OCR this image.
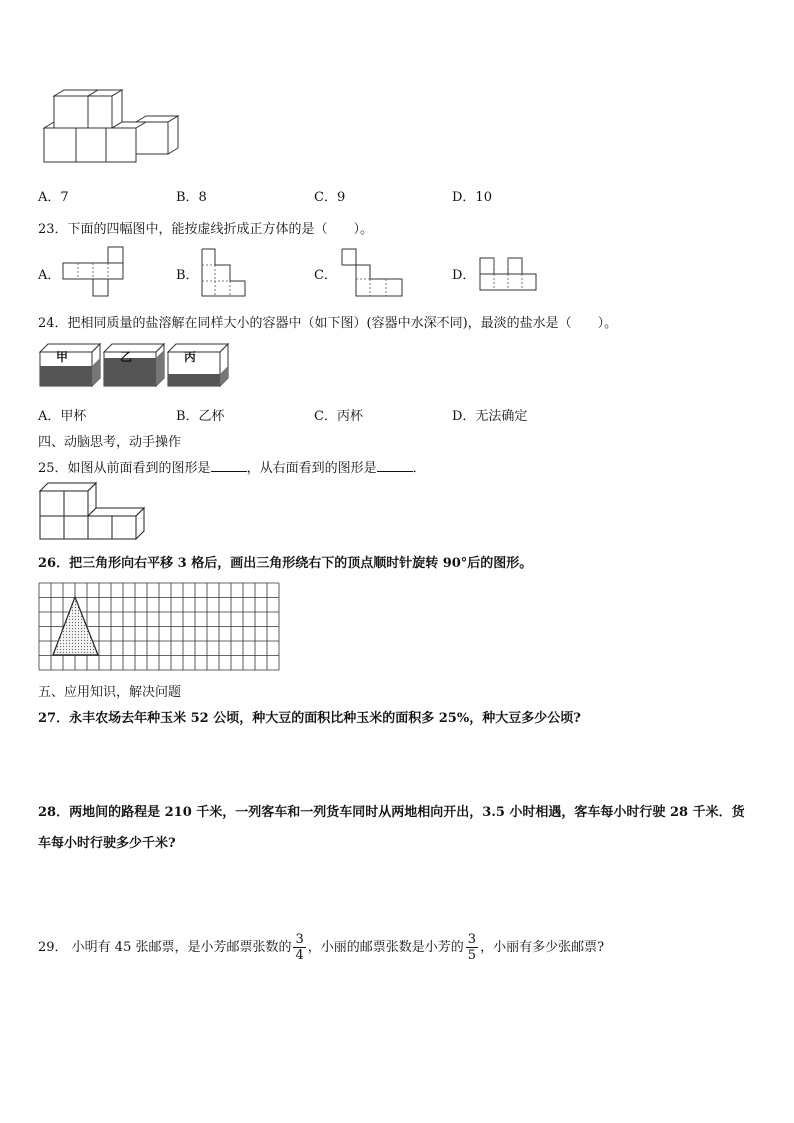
A．7	B．8	C．9	D．10
23．下面的四幅图中，能按虚线折成正方体的是（　　）。
A．	B．	C．	D．
24．把相同质量的盐溶解在同样大小的容器中（如下图）(容器中水深不同)，最淡的盐水是（　　）。
甲	乙	丙
A．甲杯	B．乙杯	C．丙杯	D．无法确定
四、动脑思考，动手操作
25．如图从前面看到的图形是	，从右面看到的图形是	．
26．把三角形向右平移 3 格后，画出三角形绕右下的顶点顺时针旋转 90°后的图形。
五、应用知识，解决问题
27．永丰农场去年种玉米 52 公顷，种大豆的面积比种玉米的面积多 25%，种大豆多少公顷?
28．两地间的路程是 210 千米，一列客车和一列货车同时从两地相向开出，3.5 小时相遇，客车每小时行驶 28 千米．货
车每小时行驶多少千米?
29． 小明有 45 张邮票，是小芳邮票张数的 $\frac{3}{4}$ ，小丽的邮票张数是小芳的 $\frac{3}{5}$ ，小丽有多少张邮票?
